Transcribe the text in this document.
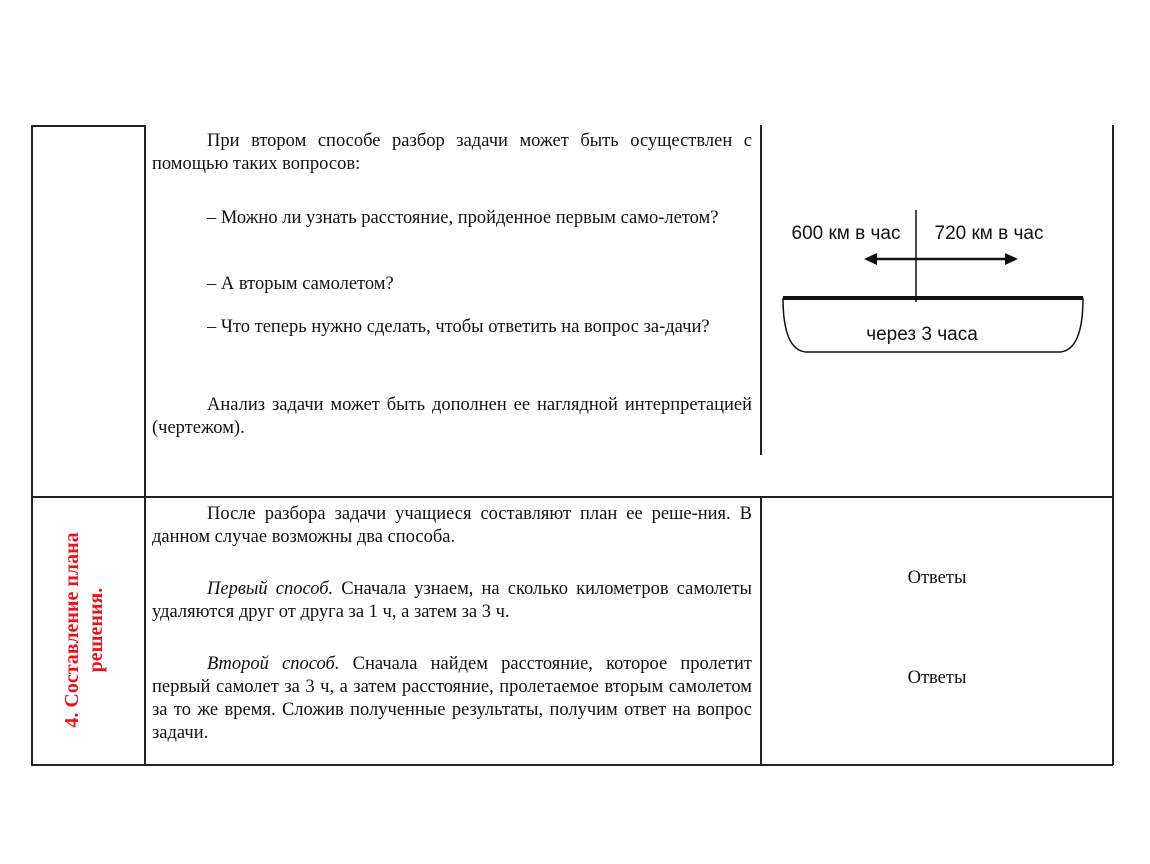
При втором способе разбор задачи может быть осуществлен с помощью таких вопросов:
– Можно ли узнать расстояние, пройденное первым само-летом?
– А вторым самолетом?
– Что теперь нужно сделать, чтобы ответить на вопрос за-дачи?
Анализ задачи может быть дополнен ее наглядной интерпретацией (чертежом).
600 км в час 720 км в час
через 3 часа
4. Составление плана решения.
После разбора задачи учащиеся составляют план ее реше-ния. В данном случае возможны два способа.
Первый способ. Сначала узнаем, на сколько километров самолеты удаляются друг от друга за 1 ч, а затем за 3 ч.
Второй способ. Сначала найдем расстояние, которое пролетит первый самолет за 3 ч, а затем расстояние, пролетаемое вторым самолетом за то же время. Сложив полученные результаты, получим ответ на вопрос задачи.
Ответы
Ответы
